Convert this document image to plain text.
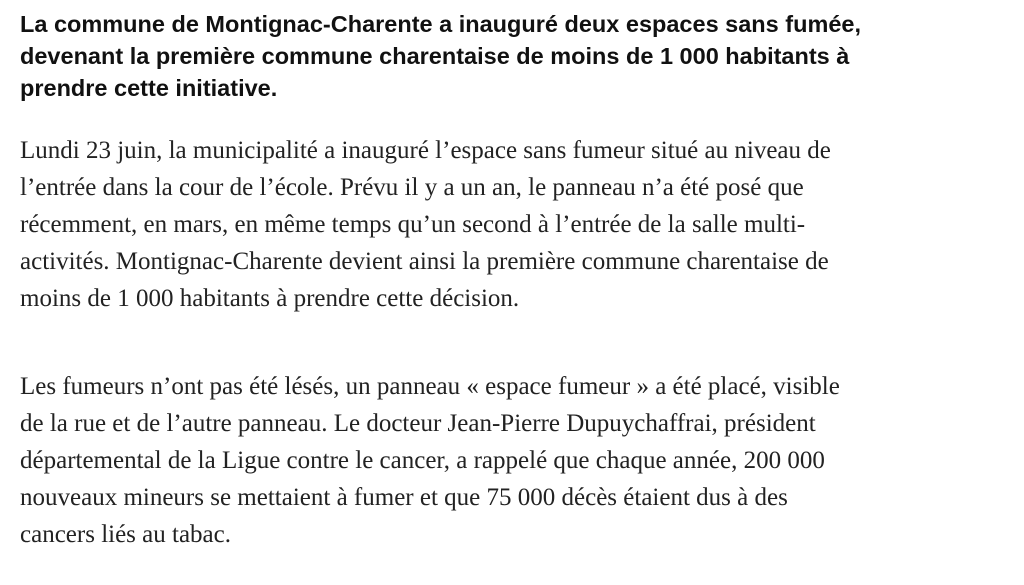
La commune de Montignac-Charente a inauguré deux espaces sans fumée,
devenant la première commune charentaise de moins de 1 000 habitants à
prendre cette initiative.

Lundi 23 juin, la municipalité a inauguré l’espace sans fumeur situé au niveau de
l’entrée dans la cour de l’école. Prévu il y a un an, le panneau n’a été posé que
récemment, en mars, en même temps qu’un second à l’entrée de la salle multi-
activités. Montignac-Charente devient ainsi la première commune charentaise de
moins de 1 000 habitants à prendre cette décision.

Les fumeurs n’ont pas été lésés, un panneau « espace fumeur » a été placé, visible
de la rue et de l’autre panneau. Le docteur Jean-Pierre Dupuychaffrai, président
départemental de la Ligue contre le cancer, a rappelé que chaque année, 200 000
nouveaux mineurs se mettaient à fumer et que 75 000 décès étaient dus à des
cancers liés au tabac.
